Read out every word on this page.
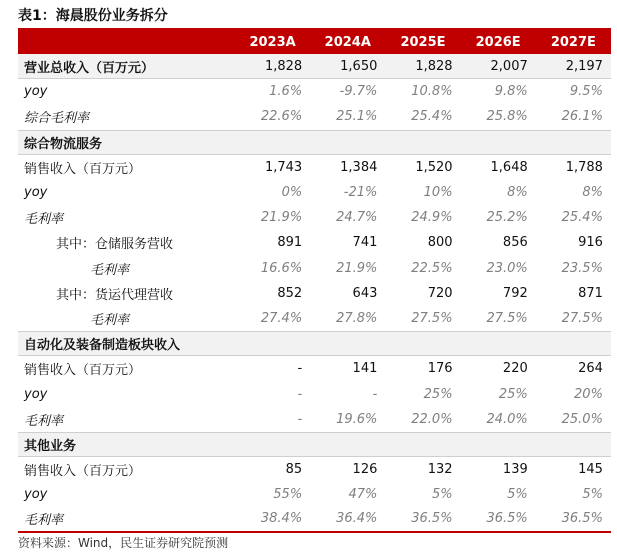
表1：海晨股份业务拆分
2023A	2024A	2025E	2026E	2027E
营业总收入（百万元）	1,828	1,650	1,828	2,007	2,197
yoy	1.6%	-9.7%	10.8%	9.8%	9.5%
综合毛利率	22.6%	25.1%	25.4%	25.8%	26.1%
综合物流服务
销售收入（百万元）	1,743	1,384	1,520	1,648	1,788
yoy	0%	-21%	10%	8%	8%
毛利率	21.9%	24.7%	24.9%	25.2%	25.4%
其中：仓储服务营收	891	741	800	856	916
毛利率	16.6%	21.9%	22.5%	23.0%	23.5%
其中：货运代理营收	852	643	720	792	871
毛利率	27.4%	27.8%	27.5%	27.5%	27.5%
自动化及装备制造板块收入
销售收入（百万元）	-	141	176	220	264
yoy	-	-	25%	25%	20%
毛利率	-	19.6%	22.0%	24.0%	25.0%
其他业务
销售收入（百万元）	85	126	132	139	145
yoy	55%	47%	5%	5%	5%
毛利率	38.4%	36.4%	36.5%	36.5%	36.5%
资料来源：Wind，民生证券研究院预测
